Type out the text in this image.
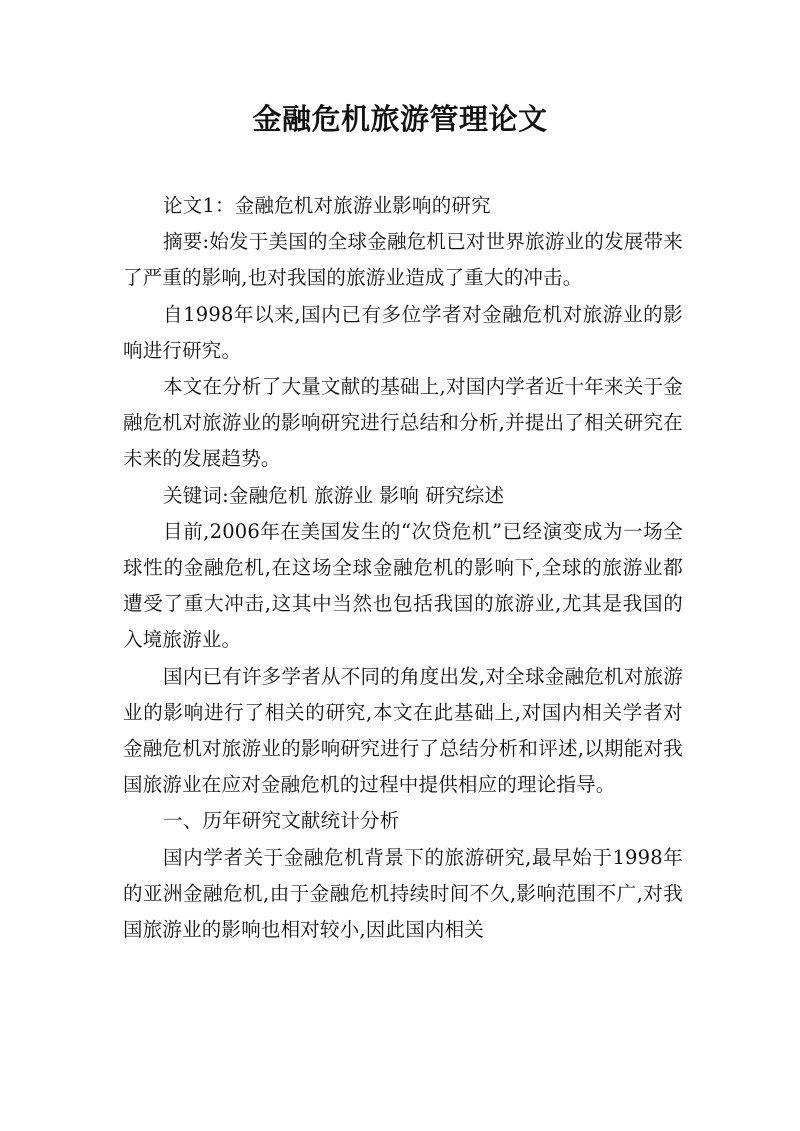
金融危机旅游管理论文

论文1：金融危机对旅游业影响的研究

摘要:始发于美国的全球金融危机已对世界旅游业的发展带来了严重的影响,也对我国的旅游业造成了重大的冲击。

自1998年以来,国内已有多位学者对金融危机对旅游业的影响进行研究。

本文在分析了大量文献的基础上,对国内学者近十年来关于金融危机对旅游业的影响研究进行总结和分析,并提出了相关研究在未来的发展趋势。

关键词:金融危机 旅游业 影响 研究综述

目前,2006年在美国发生的“次贷危机”已经演变成为一场全球性的金融危机,在这场全球金融危机的影响下,全球的旅游业都遭受了重大冲击,这其中当然也包括我国的旅游业,尤其是我国的入境旅游业。

国内已有许多学者从不同的角度出发,对全球金融危机对旅游业的影响进行了相关的研究,本文在此基础上,对国内相关学者对金融危机对旅游业的影响研究进行了总结分析和评述,以期能对我国旅游业在应对金融危机的过程中提供相应的理论指导。

一、历年研究文献统计分析

国内学者关于金融危机背景下的旅游研究,最早始于1998年的亚洲金融危机,由于金融危机持续时间不久,影响范围不广,对我国旅游业的影响也相对较小,因此国内相关
